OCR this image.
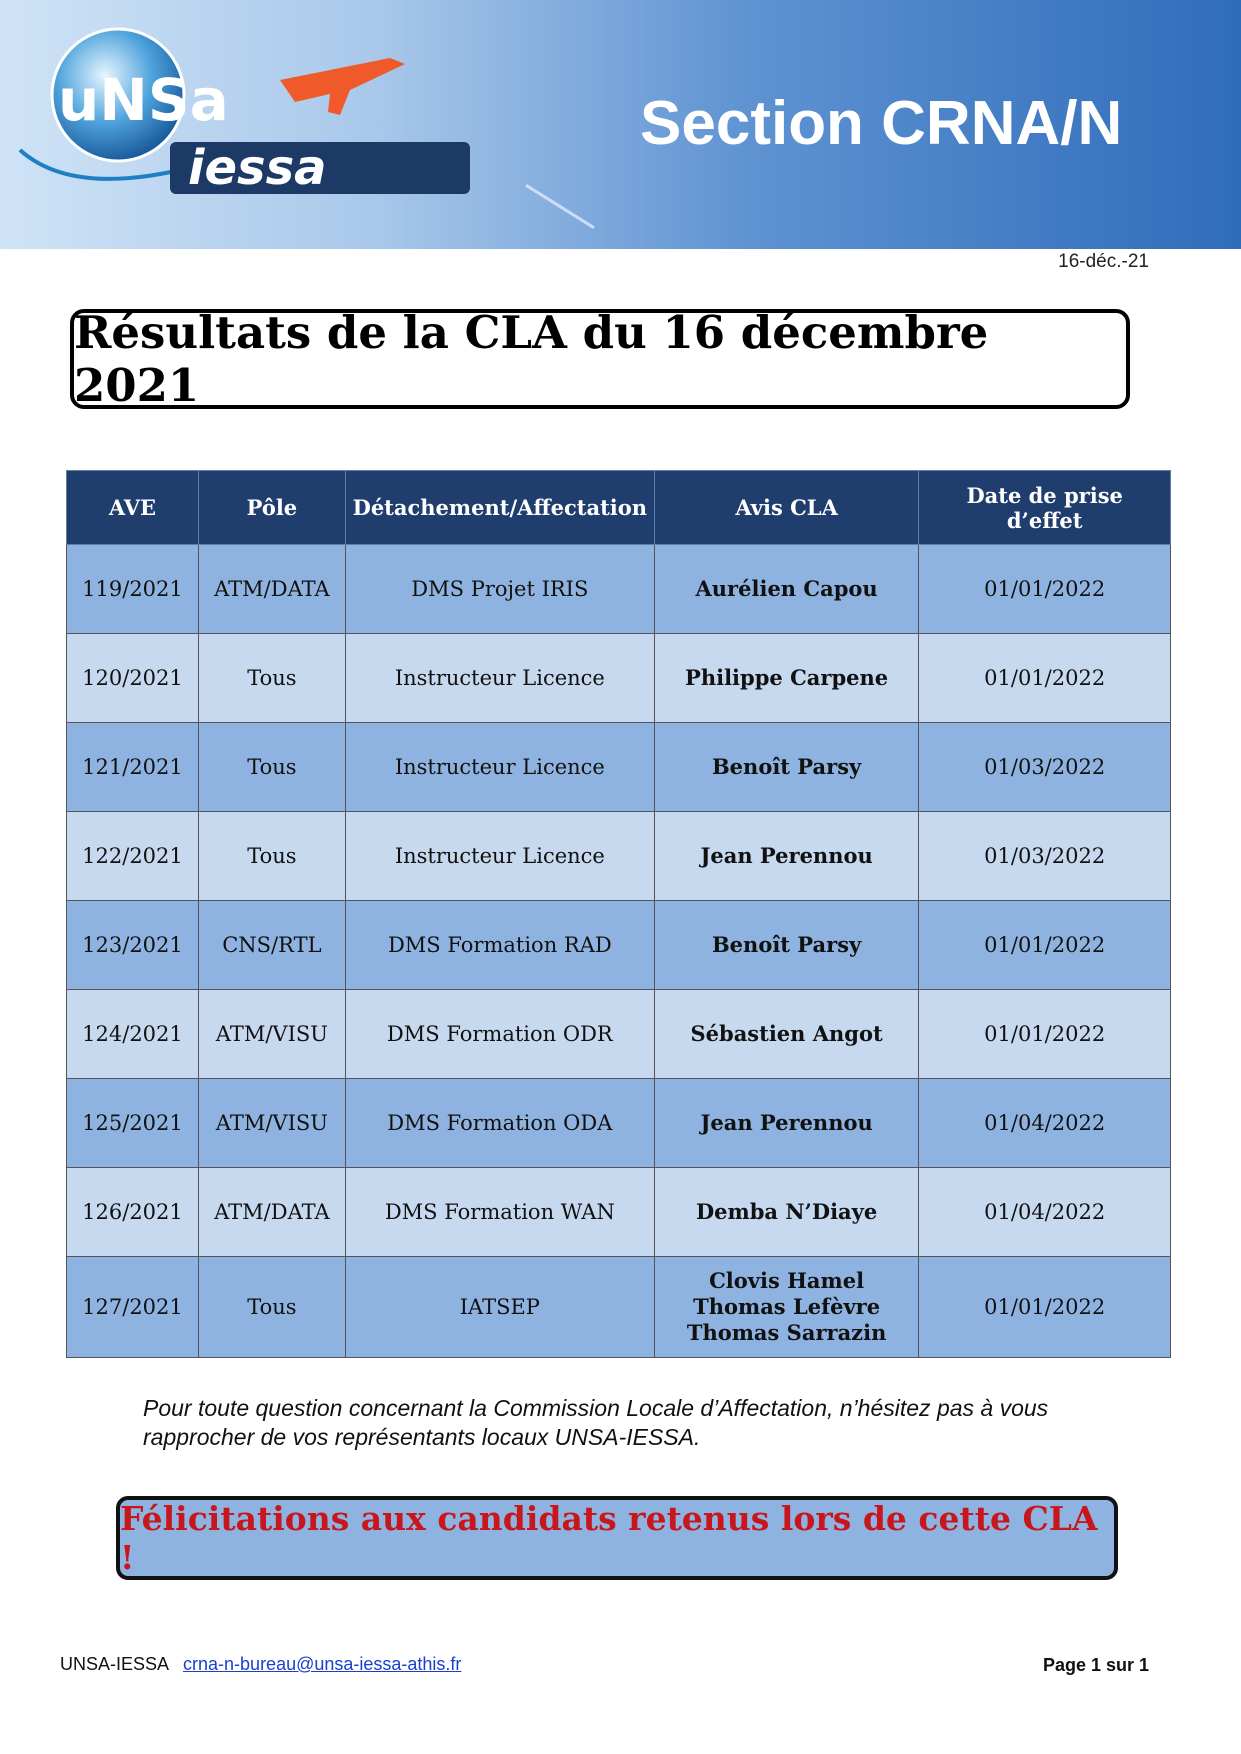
uNSa
iessa
Section CRNA/N
16-déc.-21
Résultats de la CLA du 16 décembre 2021
AVE	Pôle	Détachement/Affectation	Avis CLA	Date de prise d’effet
119/2021	ATM/DATA	DMS Projet IRIS	Aurélien Capou	01/01/2022
120/2021	Tous	Instructeur Licence	Philippe Carpene	01/01/2022
121/2021	Tous	Instructeur Licence	Benoît Parsy	01/03/2022
122/2021	Tous	Instructeur Licence	Jean Perennou	01/03/2022
123/2021	CNS/RTL	DMS Formation RAD	Benoît Parsy	01/01/2022
124/2021	ATM/VISU	DMS Formation ODR	Sébastien Angot	01/01/2022
125/2021	ATM/VISU	DMS Formation ODA	Jean Perennou	01/04/2022
126/2021	ATM/DATA	DMS Formation WAN	Demba N’Diaye	01/04/2022
127/2021	Tous	IATSEP	Clovis Hamel
Thomas Lefèvre
Thomas Sarrazin	01/01/2022
Pour toute question concernant la Commission Locale d’Affectation, n’hésitez pas à vous rapprocher de vos représentants locaux UNSA-IESSA.
Félicitations aux candidats retenus lors de cette CLA !
UNSA-IESSA crna-n-bureau@unsa-iessa-athis.fr	Page 1 sur 1
